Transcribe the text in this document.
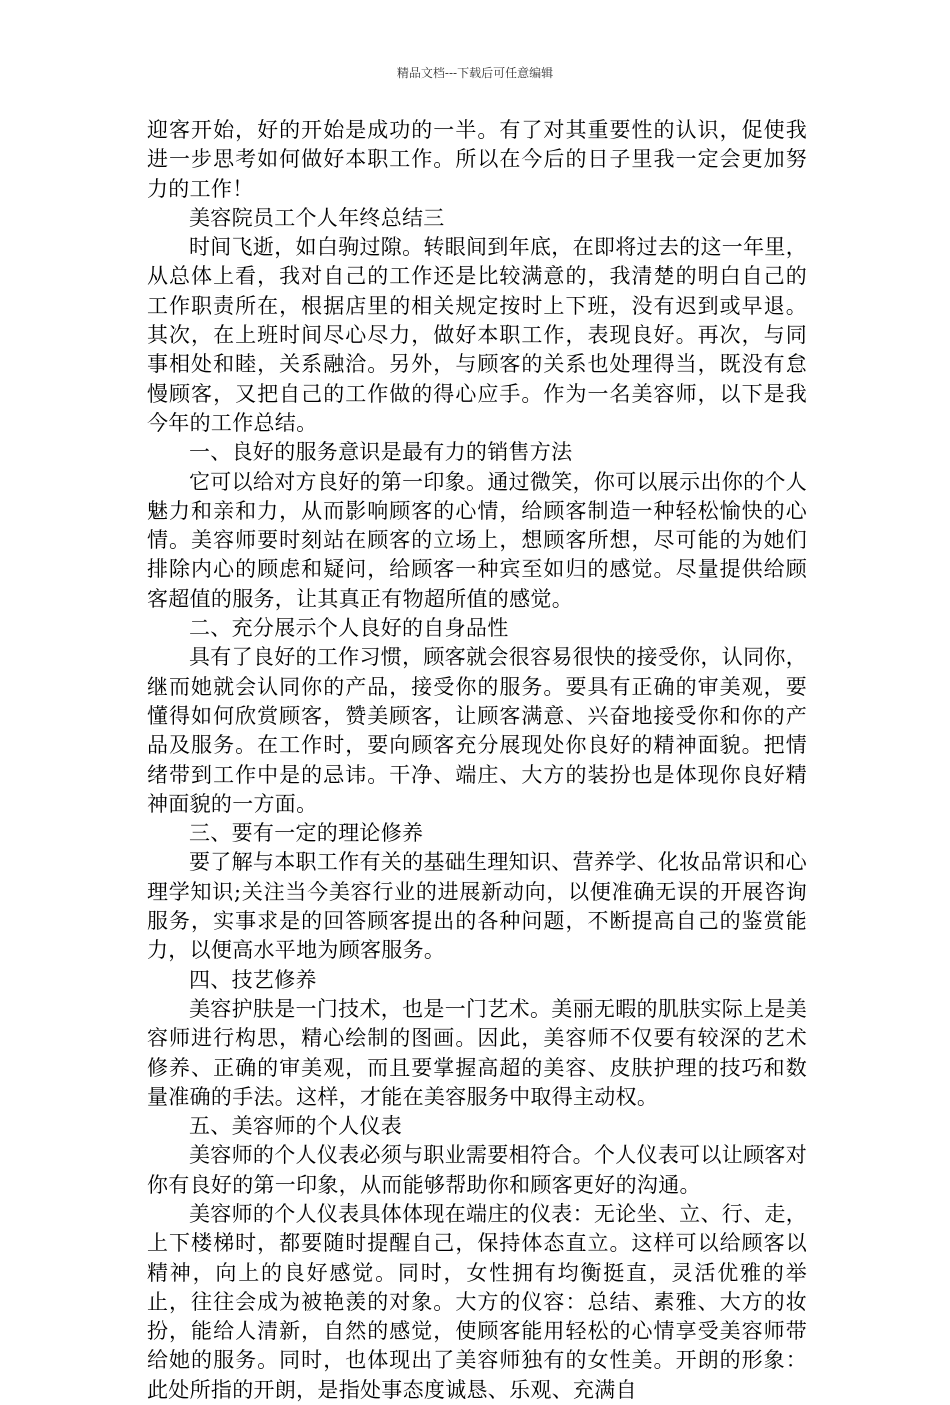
精品文档---下载后可任意编辑

迎客开始，好的开始是成功的一半。有了对其重要性的认识，促使我进一步思考如何做好本职工作。所以在今后的日子里我一定会更加努力的工作！

美容院员工个人年终总结三

时间飞逝，如白驹过隙。转眼间到年底，在即将过去的这一年里，从总体上看，我对自己的工作还是比较满意的，我清楚的明白自己的工作职责所在，根据店里的相关规定按时上下班，没有迟到或早退。其次，在上班时间尽心尽力，做好本职工作，表现良好。再次，与同事相处和睦，关系融洽。另外，与顾客的关系也处理得当，既没有怠慢顾客，又把自己的工作做的得心应手。作为一名美容师，以下是我今年的工作总结。

一、良好的服务意识是最有力的销售方法

它可以给对方良好的第一印象。通过微笑，你可以展示出你的个人魅力和亲和力，从而影响顾客的心情，给顾客制造一种轻松愉快的心情。美容师要时刻站在顾客的立场上，想顾客所想，尽可能的为她们排除内心的顾虑和疑问，给顾客一种宾至如归的感觉。尽量提供给顾客超值的服务，让其真正有物超所值的感觉。

二、充分展示个人良好的自身品性

具有了良好的工作习惯，顾客就会很容易很快的接受你，认同你，继而她就会认同你的产品，接受你的服务。要具有正确的审美观，要懂得如何欣赏顾客，赞美顾客，让顾客满意、兴奋地接受你和你的产品及服务。在工作时，要向顾客充分展现处你良好的精神面貌。把情绪带到工作中是的忌讳。干净、端庄、大方的装扮也是体现你良好精神面貌的一方面。

三、要有一定的理论修养

要了解与本职工作有关的基础生理知识、营养学、化妆品常识和心理学知识;关注当今美容行业的进展新动向，以便准确无误的开展咨询服务，实事求是的回答顾客提出的各种问题，不断提高自己的鉴赏能力，以便高水平地为顾客服务。

四、技艺修养

美容护肤是一门技术，也是一门艺术。美丽无暇的肌肤实际上是美容师进行构思，精心绘制的图画。因此，美容师不仅要有较深的艺术修养、正确的审美观，而且要掌握高超的美容、皮肤护理的技巧和数量准确的手法。这样，才能在美容服务中取得主动权。

五、美容师的个人仪表

美容师的个人仪表必须与职业需要相符合。个人仪表可以让顾客对你有良好的第一印象，从而能够帮助你和顾客更好的沟通。

美容师的个人仪表具体体现在端庄的仪表：无论坐、立、行、走，上下楼梯时，都要随时提醒自己，保持体态直立。这样可以给顾客以精神，向上的良好感觉。同时，女性拥有均衡挺直，灵活优雅的举止，往往会成为被艳羡的对象。大方的仪容：总结、素雅、大方的妆扮，能给人清新，自然的感觉，使顾客能用轻松的心情享受美容师带给她的服务。同时，也体现出了美容师独有的女性美。开朗的形象：此处所指的开朗，是指处事态度诚恳、乐观、充满自
